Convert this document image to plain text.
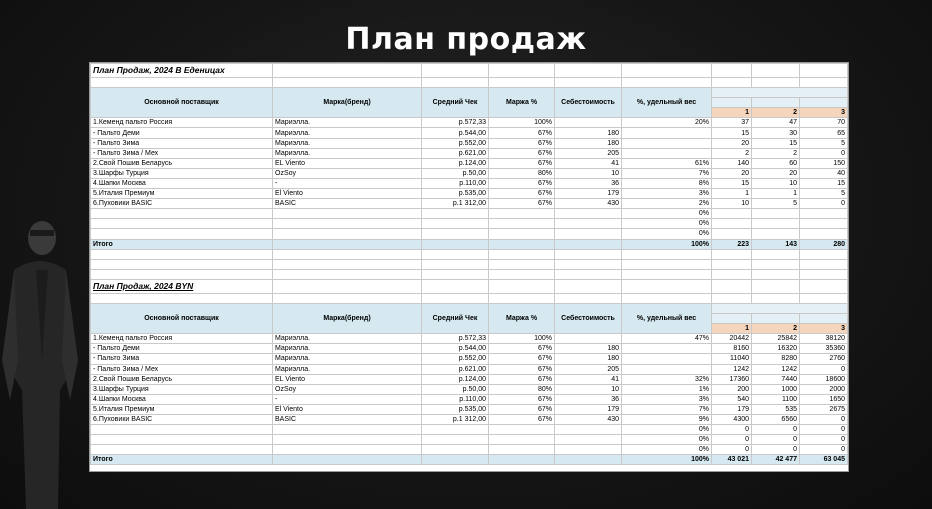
План продаж
План Продаж, 2024 В Еденицах								

Основной поставщик	Марка(бренд)	Средний Чек	Маржа %	Себестоимость	%, удельный вес			

						1	2	3
1.Кеменд пальто Россия	Мариэлла.	р.572,33	100%		20%	37	47	70
- Пальто Деми	Мариэлла.	р.544,00	67%	180		15	30	65
- Пальто Зима	Мариэлла.	р.552,00	67%	180		20	15	5
- Пальто Зима / Мех	Мариэлла.	р.621,00	67%	205		2	2	0
2.Свой Пошив Беларусь	EL Viento	р.124,00	67%	41	61%	140	60	150
3.Шарфы Турция	OzSoy	р.50,00	80%	10	7%	20	20	40
4.Шапки Москва	-	р.110,00	67%	36	8%	15	10	15
5.Италия Премиум	El Viento	р.535,00	67%	179	3%	1	1	5
6.Пуховики BASIC	BASIC	р.1 312,00	67%	430	2%	10	5	0
					0%			
					0%			
					0%			
Итого					100%	223	143	280

План Продаж, 2024 BYN								

Основной поставщик	Марка(бренд)	Средний Чек	Маржа %	Себестоимость	%, удельный вес			

						1	2	3
1.Кеменд пальто Россия	Мариэлла.	р.572,33	100%		47%	20442	25842	38120
- Пальто Деми	Мариэлла.	р.544,00	67%	180		8160	16320	35360
- Пальто Зима	Мариэлла.	р.552,00	67%	180		11040	8280	2760
- Пальто Зима / Мех	Мариэлла.	р.621,00	67%	205		1242	1242	0
2.Свой Пошив Беларусь	EL Viento	р.124,00	67%	41	32%	17360	7440	18600
3.Шарфы Турция	OzSoy	р.50,00	80%	10	1%	200	1000	2000
4.Шапки Москва	-	р.110,00	67%	36	3%	540	1100	1650
5.Италия Премиум	El Viento	р.535,00	67%	179	7%	179	535	2675
6.Пуховики BASIC	BASIC	р.1 312,00	67%	430	9%	4300	6560	0
					0%	0	0	0
					0%	0	0	0
					0%	0	0	0
Итого					100%	43 021	42 477	63 045
